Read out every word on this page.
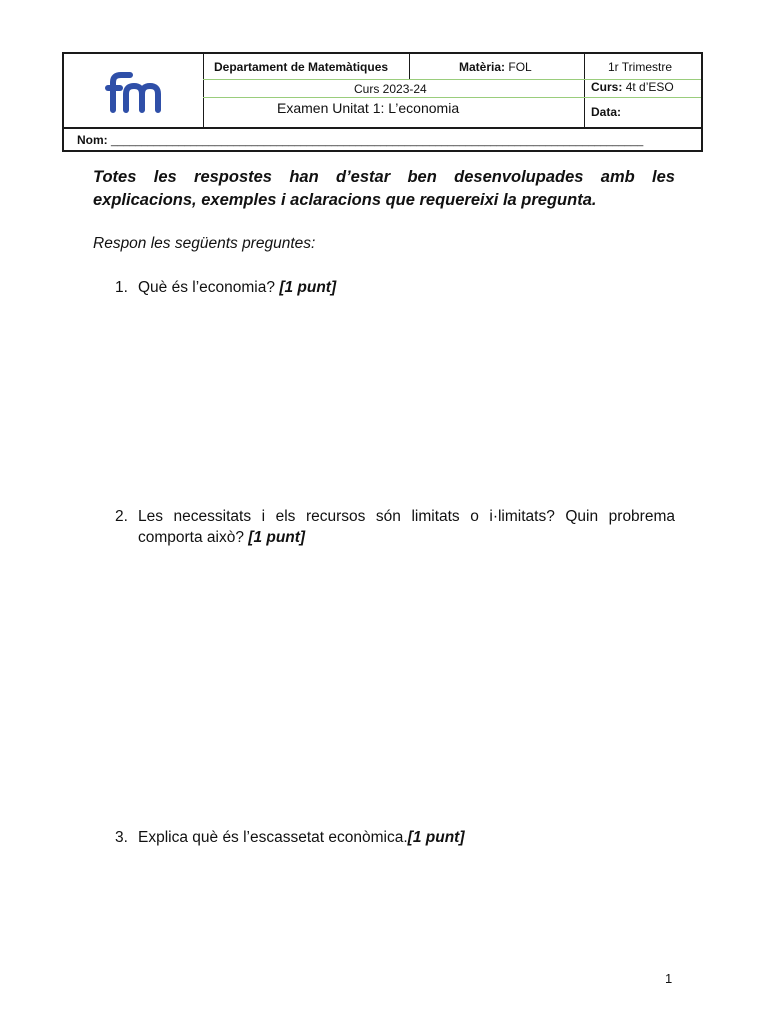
Departament de Matemàtiques	Matèria: FOL	1r Trimestre
Curs 2023-24	Curs: 4t d’ESO
Examen Unitat 1: L’economia	Data:
Nom: _______________________________________________________________________________________
Totes les respostes han d’estar ben desenvolupades amb les explicacions, exemples i aclaracions que requereixi la pregunta.
Respon les següents preguntes:
1. Què és l’economia? [1 punt]
2. Les necessitats i els recursos són limitats o i·limitats? Quin probrema comporta això? [1 punt]
3. Explica què és l’escassetat econòmica.[1 punt]
1
